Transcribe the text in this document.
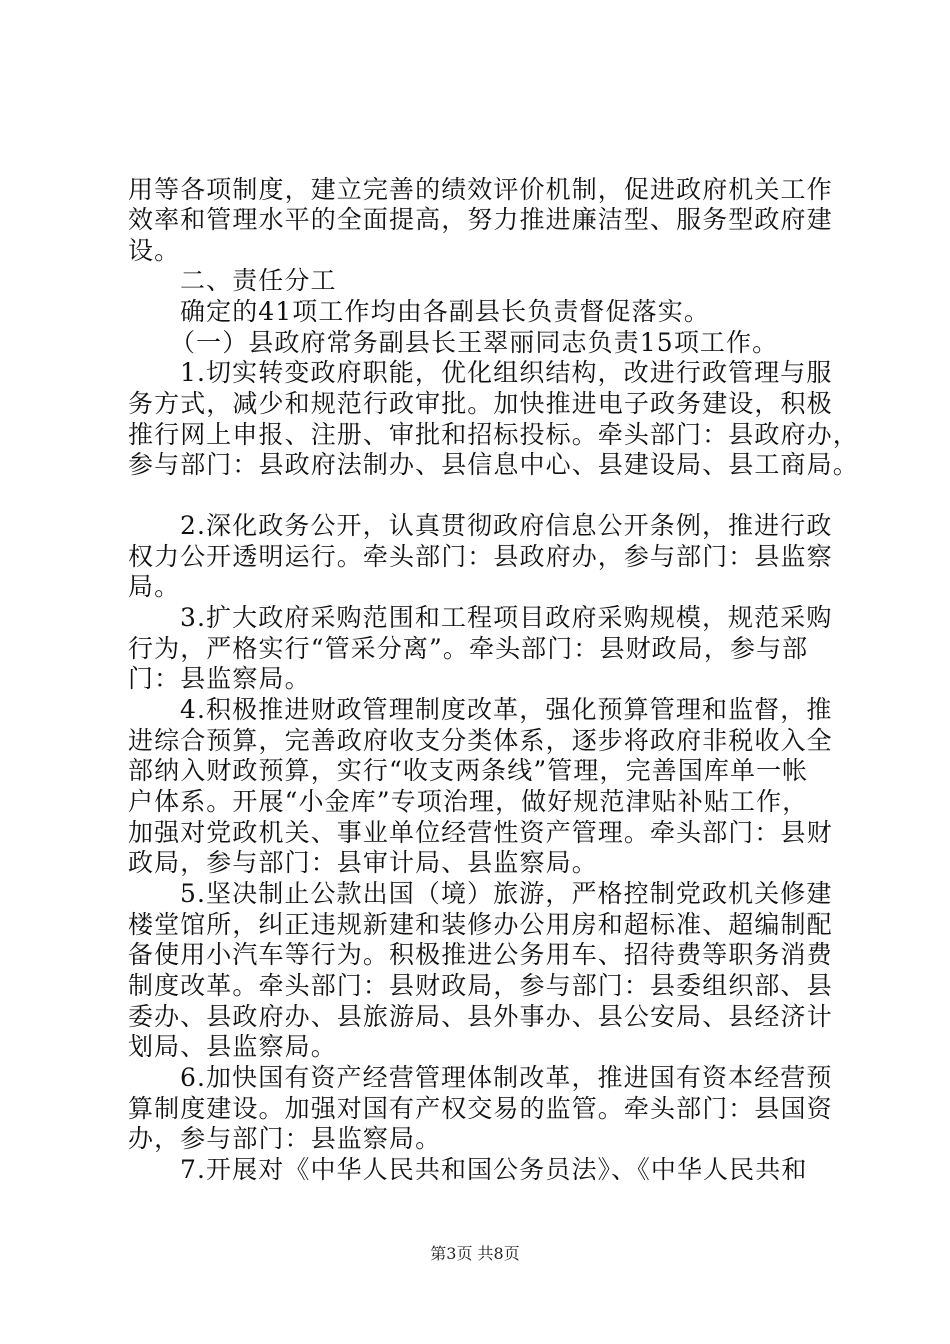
用等各项制度，建立完善的绩效评价机制，促进政府机关工作
效率和管理水平的全面提高，努力推进廉洁型、服务型政府建
设。
二、责任分工
确定的41项工作均由各副县长负责督促落实。
（一）县政府常务副县长王翠丽同志负责15项工作。
1.切实转变政府职能，优化组织结构，改进行政管理与服
务方式，减少和规范行政审批。加快推进电子政务建设，积极
推行网上申报、注册、审批和招标投标。牵头部门：县政府办，
参与部门：县政府法制办、县信息中心、县建设局、县工商局。
2.深化政务公开，认真贯彻政府信息公开条例，推进行政
权力公开透明运行。牵头部门：县政府办，参与部门：县监察
局。
3.扩大政府采购范围和工程项目政府采购规模，规范采购
行为，严格实行“管采分离”。牵头部门：县财政局，参与部
门：县监察局。
4.积极推进财政管理制度改革，强化预算管理和监督，推
进综合预算，完善政府收支分类体系，逐步将政府非税收入全
部纳入财政预算，实行“收支两条线”管理，完善国库单一帐
户体系。开展“小金库”专项治理，做好规范津贴补贴工作，
加强对党政机关、事业单位经营性资产管理。牵头部门：县财
政局，参与部门：县审计局、县监察局。
5.坚决制止公款出国（境）旅游，严格控制党政机关修建
楼堂馆所，纠正违规新建和装修办公用房和超标准、超编制配
备使用小汽车等行为。积极推进公务用车、招待费等职务消费
制度改革。牵头部门：县财政局，参与部门：县委组织部、县
委办、县政府办、县旅游局、县外事办、县公安局、县经济计
划局、县监察局。
6.加快国有资产经营管理体制改革，推进国有资本经营预
算制度建设。加强对国有产权交易的监管。牵头部门：县国资
办，参与部门：县监察局。
7.开展对《中华人民共和国公务员法》、《中华人民共和
第3页 共8页
